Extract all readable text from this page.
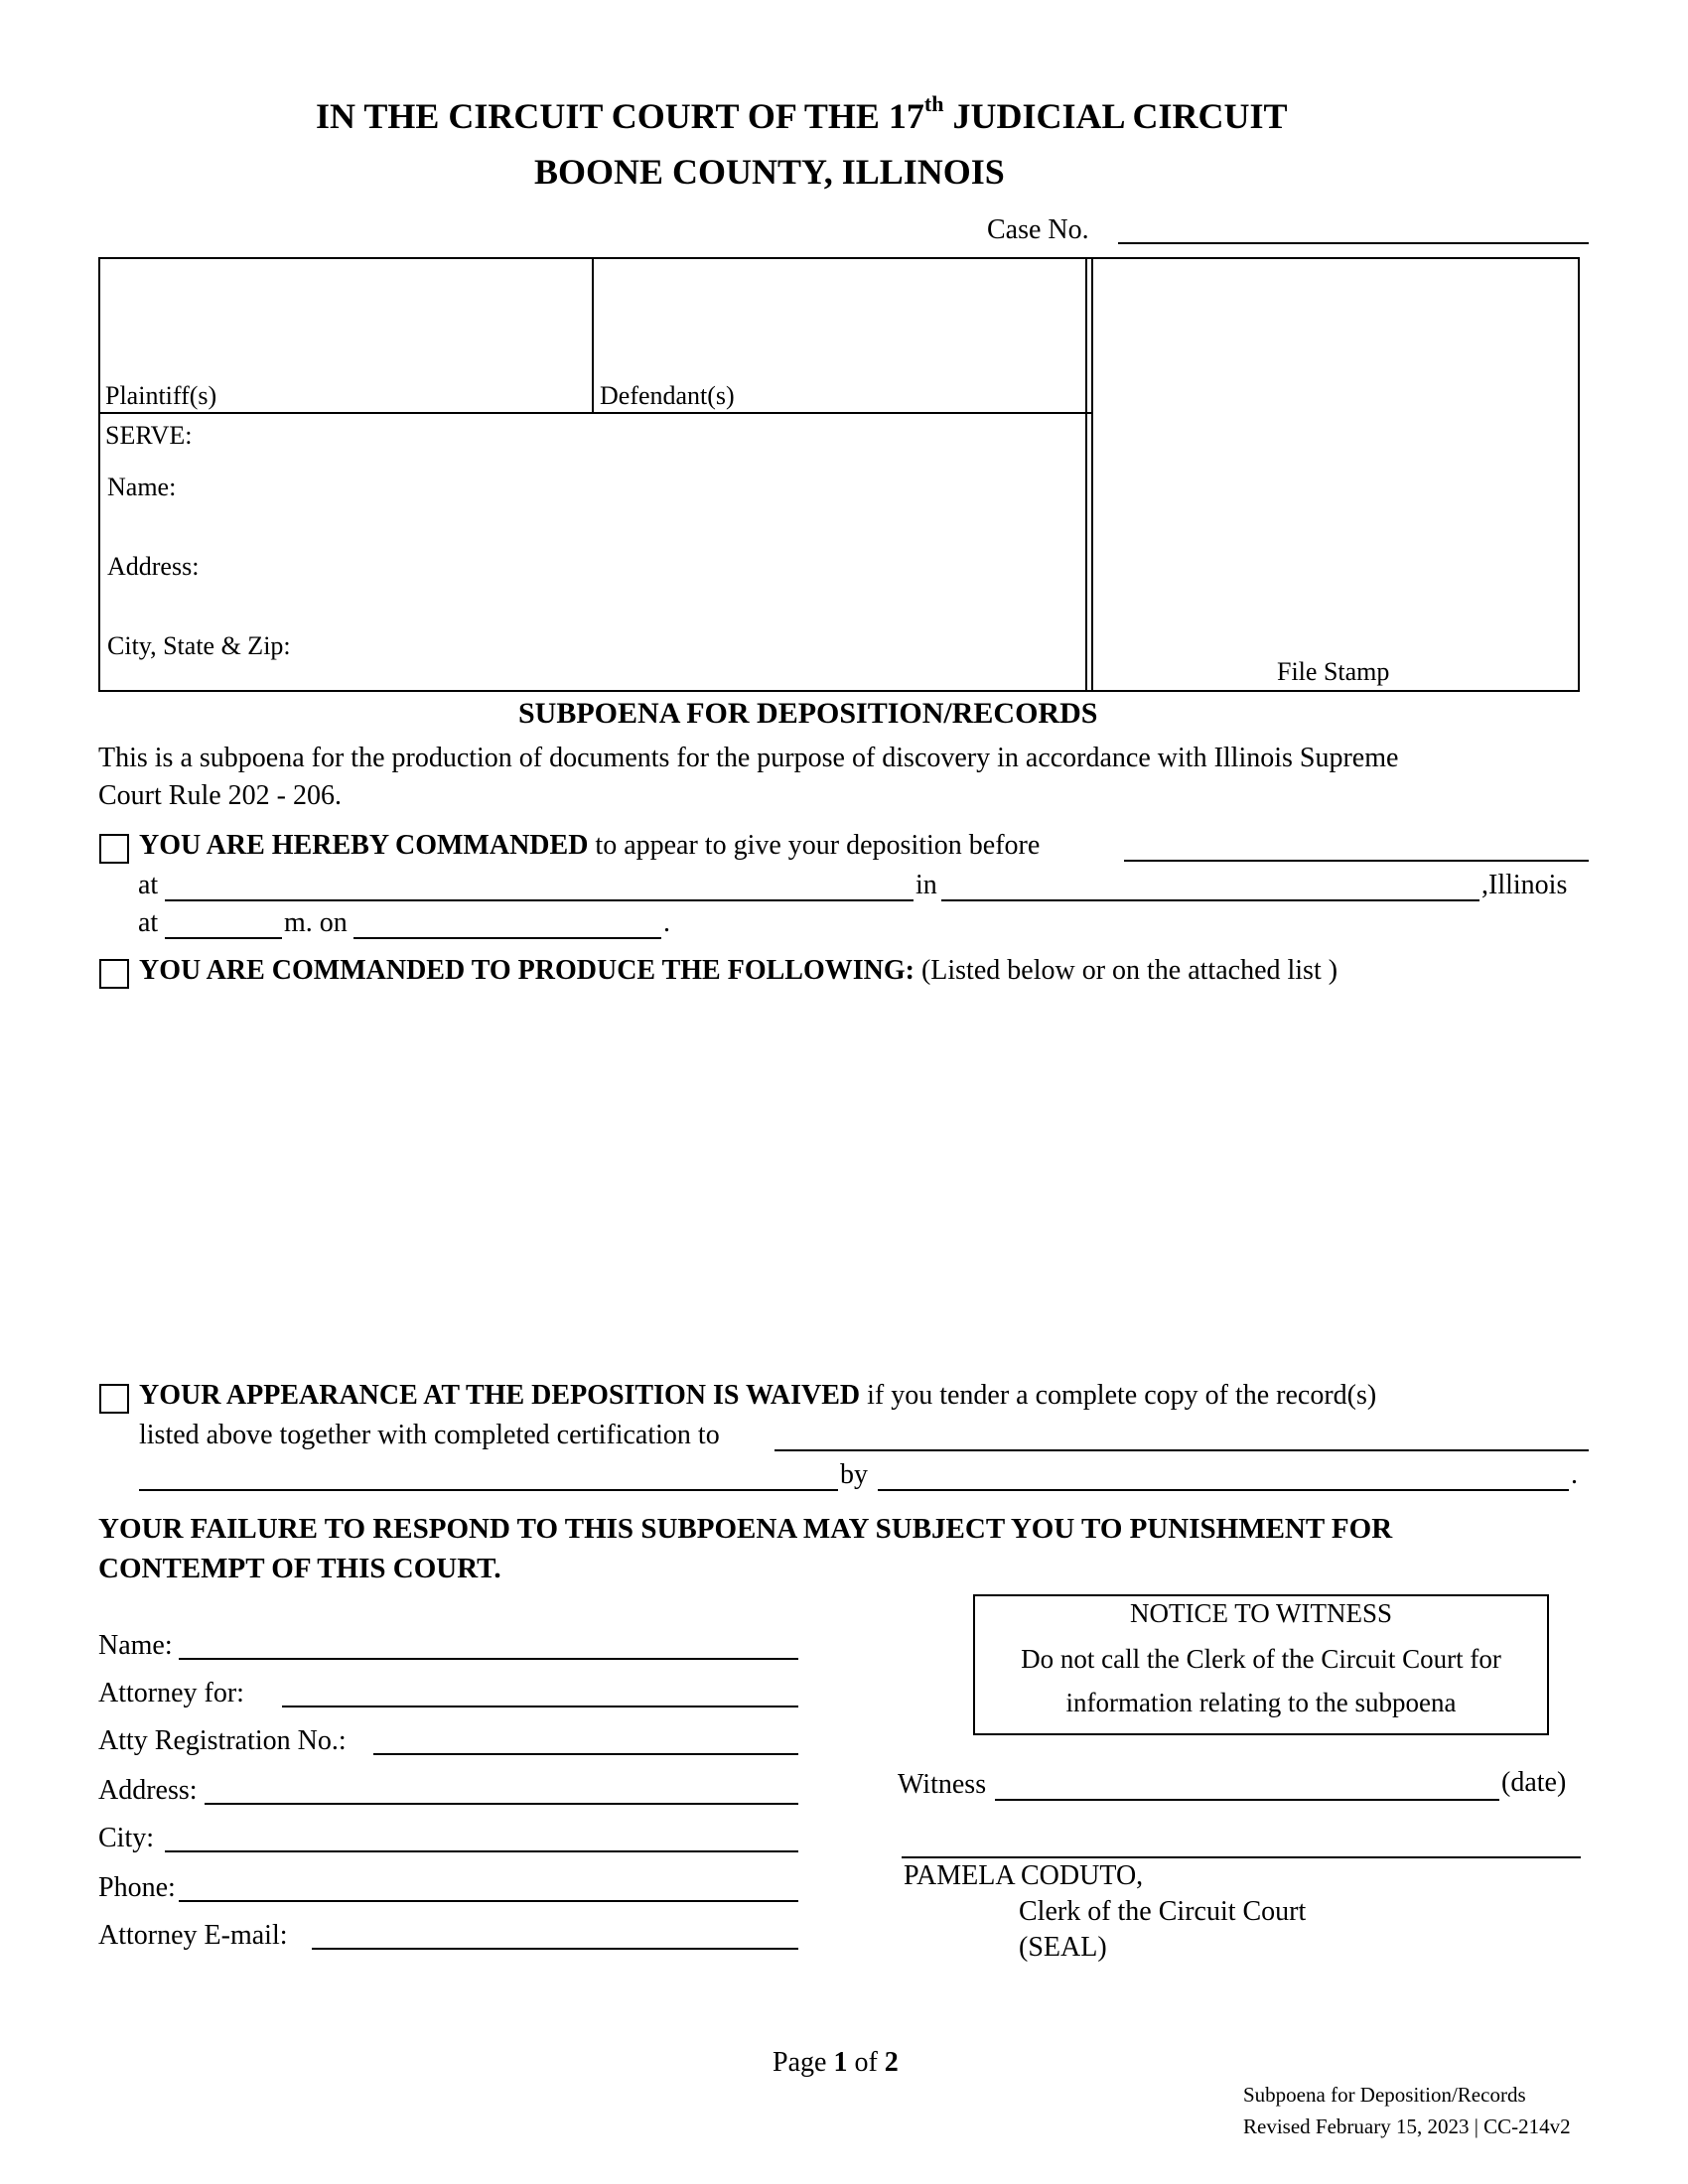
IN THE CIRCUIT COURT OF THE 17th JUDICIAL CIRCUIT
BOONE COUNTY, ILLINOIS
Case No.
Plaintiff(s)	Defendant(s)
SERVE:
Name:
Address:
City, State & Zip:
File Stamp
SUBPOENA FOR DEPOSITION/RECORDS
This is a subpoena for the production of documents for the purpose of discovery in accordance with Illinois Supreme
Court Rule 202 - 206.
YOU ARE HEREBY COMMANDED to appear to give your deposition before
at	in	,Illinois
at	m. on	.
YOU ARE COMMANDED TO PRODUCE THE FOLLOWING: (Listed below or on the attached list )
YOUR APPEARANCE AT THE DEPOSITION IS WAIVED if you tender a complete copy of the record(s)
listed above together with completed certification to
by	.
YOUR FAILURE TO RESPOND TO THIS SUBPOENA MAY SUBJECT YOU TO PUNISHMENT FOR
CONTEMPT OF THIS COURT.
Name:
Attorney for:
Atty Registration No.:
Address:
City:
Phone:
Attorney E-mail:
NOTICE TO WITNESS
Do not call the Clerk of the Circuit Court for
information relating to the subpoena
Witness	(date)
PAMELA CODUTO,
Clerk of the Circuit Court
(SEAL)
Page 1 of 2
Subpoena for Deposition/Records
Revised February 15, 2023 | CC-214v2
